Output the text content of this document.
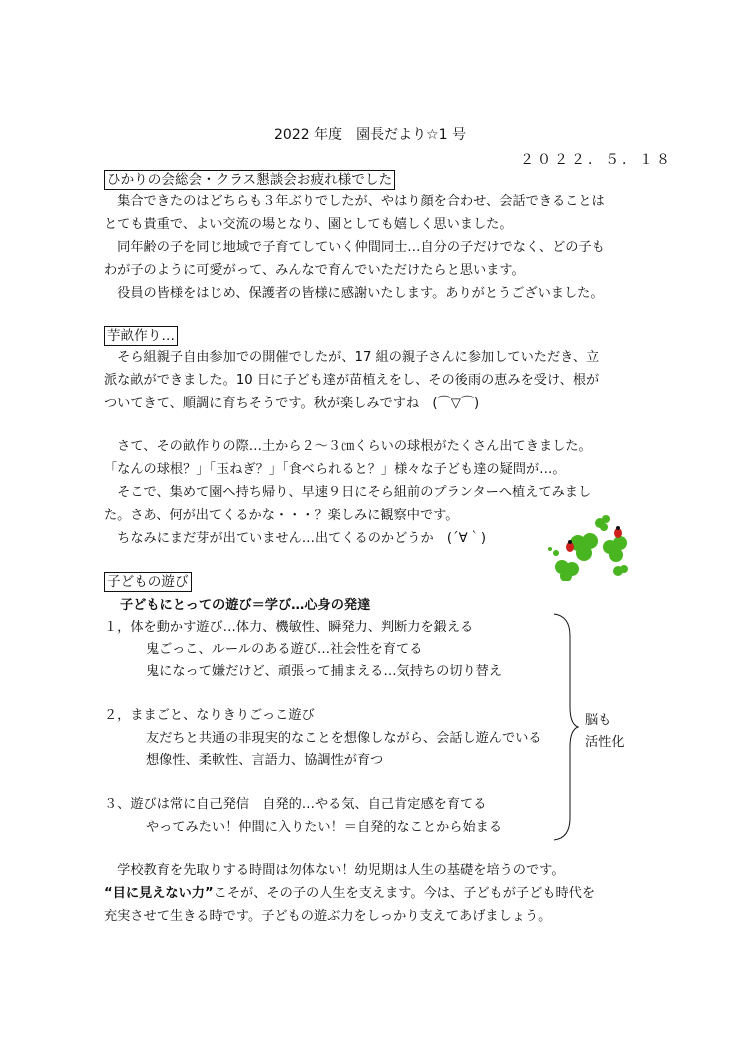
2022 年度　園長だより☆1 号
２０２２．５．１８
ひかりの会総会・クラス懇談会お疲れ様でした
　集合できたのはどちらも３年ぶりでしたが、やはり顔を合わせ、会話できることは
とても貴重で、よい交流の場となり、園としても嬉しく思いました。
　同年齢の子を同じ地域で子育てしていく仲間同士…自分の子だけでなく、どの子も
わが子のように可愛がって、みんなで育んでいただけたらと思います。
　役員の皆様をはじめ、保護者の皆様に感謝いたします。ありがとうございました。
芋畝作り…
　そら組親子自由参加での開催でしたが、17 組の親子さんに参加していただき、立
派な畝ができました。10 日に子ども達が苗植えをし、その後雨の恵みを受け、根が
ついてきて、順調に育ちそうです。秋が楽しみですね　(⌒▽⌒)
　さて、その畝作りの際…土から２～３㎝くらいの球根がたくさん出てきました。
「なんの球根？」「玉ねぎ？」「食べられると？」様々な子ども達の疑問が…。
　そこで、集めて園へ持ち帰り、早速９日にそら組前のプランターへ植えてみまし
た。さあ、何が出てくるかな・・・？楽しみに観察中です。
　ちなみにまだ芽が出ていません…出てくるのかどうか　(´∀｀)
子どもの遊び
子どもにとっての遊び＝学び…心身の発達
１，体を動かす遊び…体力、機敏性、瞬発力、判断力を鍛える
鬼ごっこ、ルールのある遊び…社会性を育てる
鬼になって嫌だけど、頑張って捕まえる…気持ちの切り替え
２，ままごと、なりきりごっこ遊び
友だちと共通の非現実的なことを想像しながら、会話し遊んでいる
想像性、柔軟性、言語力、協調性が育つ
３、遊びは常に自己発信　自発的…やる気、自己肯定感を育てる
やってみたい！仲間に入りたい！＝自発的なことから始まる
脳も
活性化
　学校教育を先取りする時間は勿体ない！幼児期は人生の基礎を培うのです。
“目に見えない力”こそが、その子の人生を支えます。今は、子どもが子ども時代を
充実させて生きる時です。子どもの遊ぶ力をしっかり支えてあげましょう。
